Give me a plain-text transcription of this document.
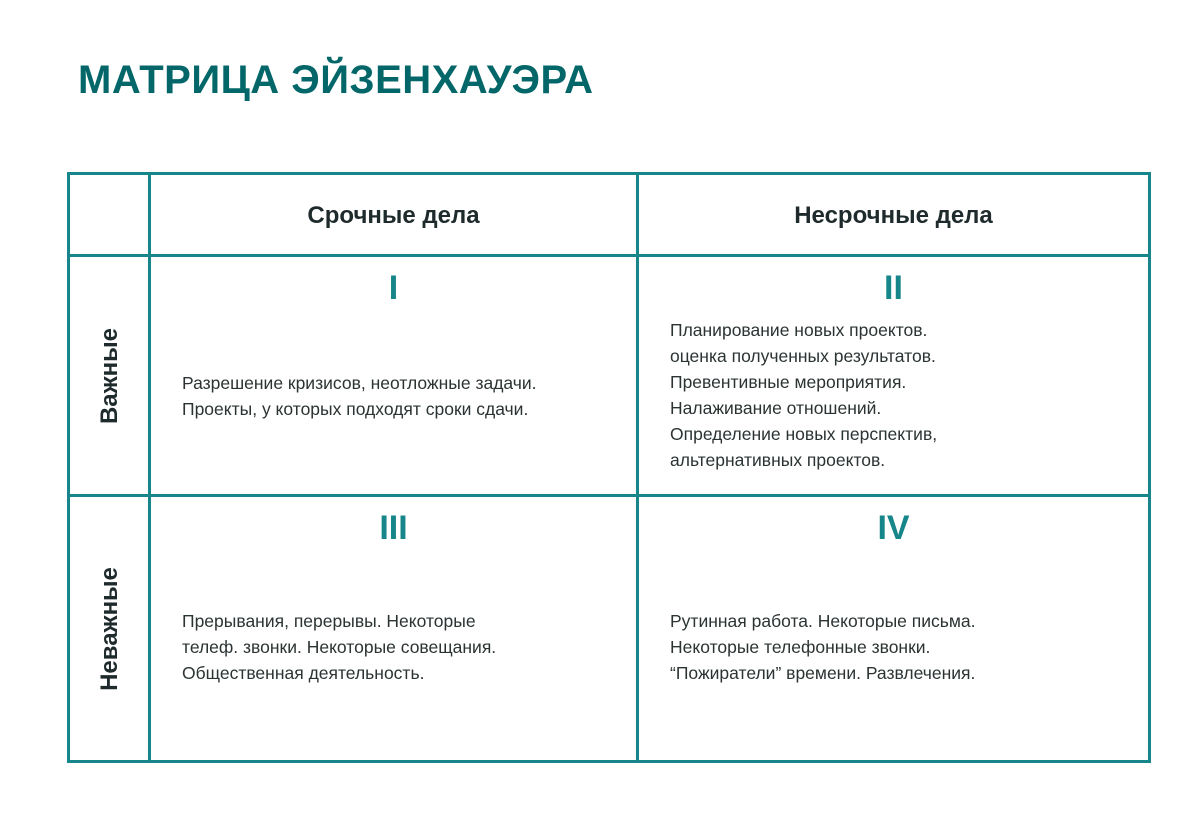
МАТРИЦА ЭЙЗЕНХАУЭРА
Срочные дела	Несрочные дела
Важные
Неважные
I
Разрешение кризисов, неотложные задачи.
Проекты, у которых подходят сроки сдачи.
II
Планирование новых проектов.
оценка полученных результатов.
Превентивные мероприятия.
Налаживание отношений.
Определение новых перспектив,
альтернативных проектов.
III
Прерывания, перерывы. Некоторые
телеф. звонки. Некоторые совещания.
Общественная деятельность.
IV
Рутинная работа. Некоторые письма.
Некоторые телефонные звонки.
“Пожиратели” времени. Развлечения.
